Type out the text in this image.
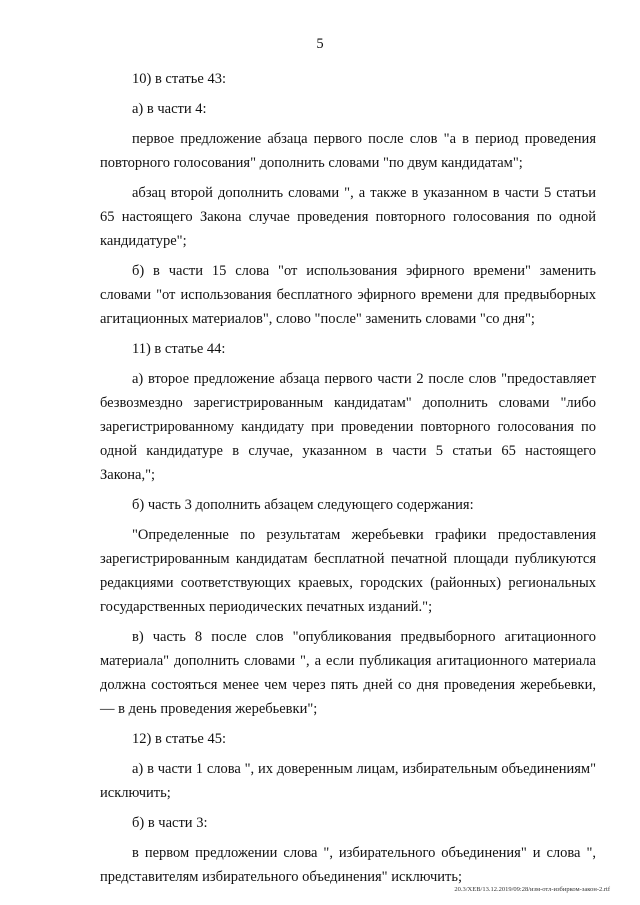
5

10) в статье 43:

а) в части 4:

первое предложение абзаца первого после слов "а в период проведения повторного голосования" дополнить словами "по двум кандидатам";

абзац второй дополнить словами ", а также в указанном в части 5 статьи 65 настоящего Закона случае проведения повторного голосования по одной кандидатуре";

б) в части 15 слова "от использования эфирного времени" заменить словами "от использования бесплатного эфирного времени для предвыборных агитационных материалов", слово "после" заменить словами "со дня";

11) в статье 44:

а) второе предложение абзаца первого части 2 после слов "предоставляет безвозмездно зарегистрированным кандидатам" дополнить словами "либо зарегистрированному кандидату при проведении повторного голосования по одной кандидатуре в случае, указанном в части 5 статьи 65 настоящего Закона,";

б) часть 3 дополнить абзацем следующего содержания:

"Определенные по результатам жеребьевки графики предоставления зарегистрированным кандидатам бесплатной печатной площади публикуются редакциями соответствующих краевых, городских (районных) региональных государственных периодических печатных изданий.";

в) часть 8 после слов "опубликования предвыборного агитационного материала" дополнить словами ", а если публикация агитационного материала должна состояться менее чем через пять дней со дня проведения жеребьевки, — в день проведения жеребьевки";

12) в статье 45:

а) в части 1 слова ", их доверенным лицам, избирательным объединениям" исключить;

б) в части 3:

в первом предложении слова ", избирательного объединения" и слова ", представителям избирательного объединения" исключить;

20.3/ХЕВ/13.12.2019/09:28/изм-отл-избирком-закон-2.rtf
